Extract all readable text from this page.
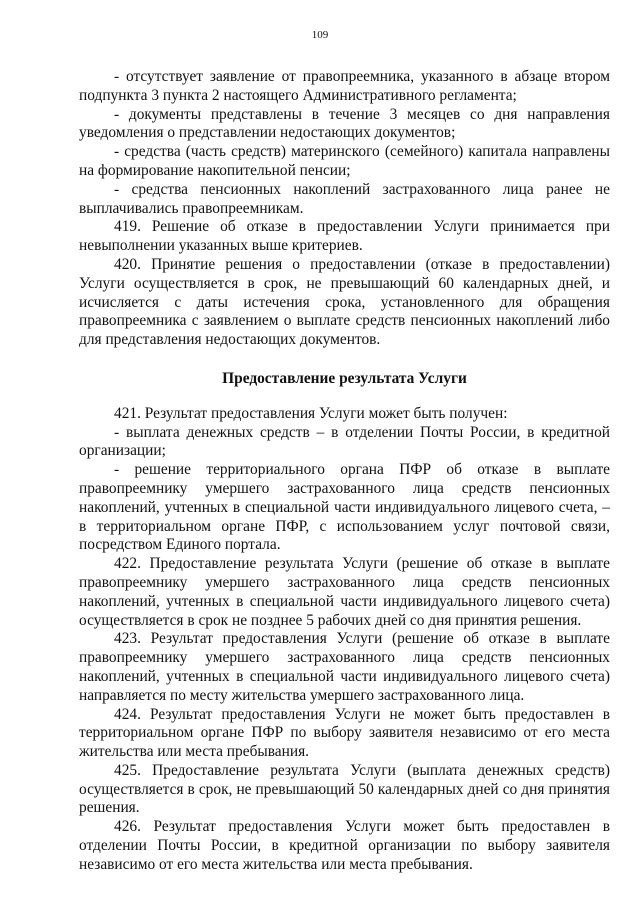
109

- отсутствует заявление от правопреемника, указанного в абзаце втором подпункта 3 пункта 2 настоящего Административного регламента;

- документы представлены в течение 3 месяцев со дня направления уведомления о представлении недостающих документов;

- средства (часть средств) материнского (семейного) капитала направлены на формирование накопительной пенсии;

- средства пенсионных накоплений застрахованного лица ранее не выплачивались правопреемникам.

419. Решение об отказе в предоставлении Услуги принимается при невыполнении указанных выше критериев.

420. Принятие решения о предоставлении (отказе в предоставлении) Услуги осуществляется в срок, не превышающий 60 календарных дней, и исчисляется с даты истечения срока, установленного для обращения правопреемника с заявлением о выплате средств пенсионных накоплений либо для представления недостающих документов.

Предоставление результата Услуги

421. Результат предоставления Услуги может быть получен:

- выплата денежных средств – в отделении Почты России, в кредитной организации;

- решение территориального органа ПФР об отказе в выплате правопреемнику умершего застрахованного лица средств пенсионных накоплений, учтенных в специальной части индивидуального лицевого счета, – в территориальном органе ПФР, с использованием услуг почтовой связи, посредством Единого портала.

422. Предоставление результата Услуги (решение об отказе в выплате правопреемнику умершего застрахованного лица средств пенсионных накоплений, учтенных в специальной части индивидуального лицевого счета) осуществляется в срок не позднее 5 рабочих дней со дня принятия решения.

423. Результат предоставления Услуги (решение об отказе в выплате правопреемнику умершего застрахованного лица средств пенсионных накоплений, учтенных в специальной части индивидуального лицевого счета) направляется по месту жительства умершего застрахованного лица.

424. Результат предоставления Услуги не может быть предоставлен в территориальном органе ПФР по выбору заявителя независимо от его места жительства или места пребывания.

425. Предоставление результата Услуги (выплата денежных средств) осуществляется в срок, не превышающий 50 календарных дней со дня принятия решения.

426. Результат предоставления Услуги может быть предоставлен в отделении Почты России, в кредитной организации по выбору заявителя независимо от его места жительства или места пребывания.
